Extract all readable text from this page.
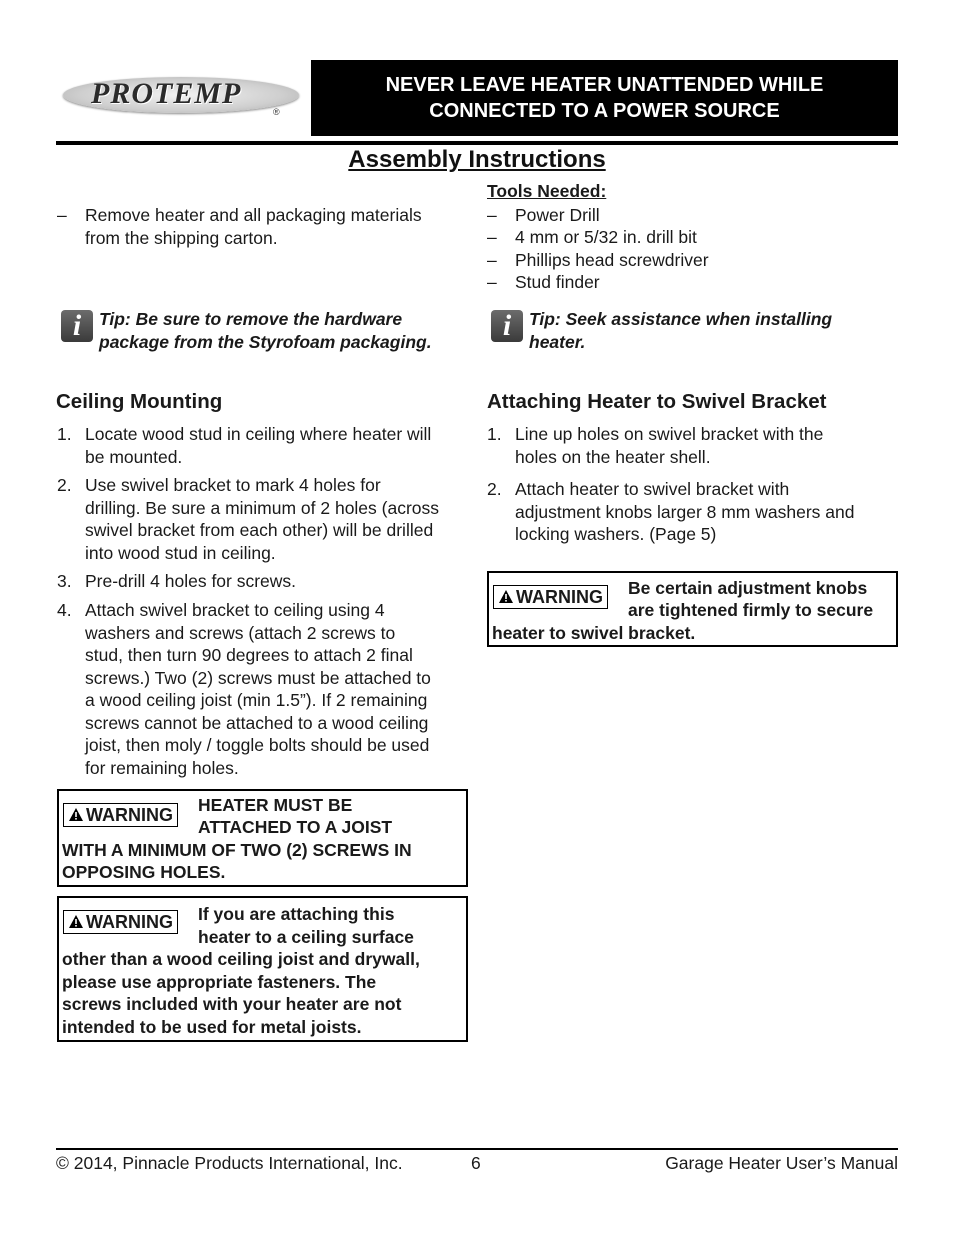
PROTEMP
®
NEVER LEAVE HEATER UNATTENDED WHILE
CONNECTED TO A POWER SOURCE
Assembly Instructions
– Remove heater and all packaging materials
from the shipping carton.
i	Tip: Be sure to remove the hardware
package from the Styrofoam packaging.
Ceiling Mounting
1. Locate wood stud in ceiling where heater will
be mounted.
2. Use swivel bracket to mark 4 holes for
drilling. Be sure a minimum of 2 holes (across
swivel bracket from each other) will be drilled
into wood stud in ceiling.
3. Pre-drill 4 holes for screws.
4. Attach swivel bracket to ceiling using 4
washers and screws (attach 2 screws to
stud, then turn 90 degrees to attach 2 final
screws.) Two (2) screws must be attached to
a wood ceiling joist (min 1.5”). If 2 remaining
screws cannot be attached to a wood ceiling
joist, then moly / toggle bolts should be used
for remaining holes.
WARNING HEATER MUST BE
ATTACHED TO A JOIST
WITH A MINIMUM OF TWO (2) SCREWS IN
OPPOSING HOLES.
WARNING If you are attaching this
heater to a ceiling surface
other than a wood ceiling joist and drywall,
please use appropriate fasteners. The
screws included with your heater are not
intended to be used for metal joists.
Tools Needed:
– Power Drill
– 4 mm or 5/32 in. drill bit
– Phillips head screwdriver
– Stud finder
i	Tip: Seek assistance when installing
heater.
Attaching Heater to Swivel Bracket
1. Line up holes on swivel bracket with the
holes on the heater shell.
2. Attach heater to swivel bracket with
adjustment knobs larger 8 mm washers and
locking washers. (Page 5)
WARNING Be certain adjustment knobs
are tightened firmly to secure
heater to swivel bracket.
© 2014, Pinnacle Products International, Inc.	6	Garage Heater User’s Manual
